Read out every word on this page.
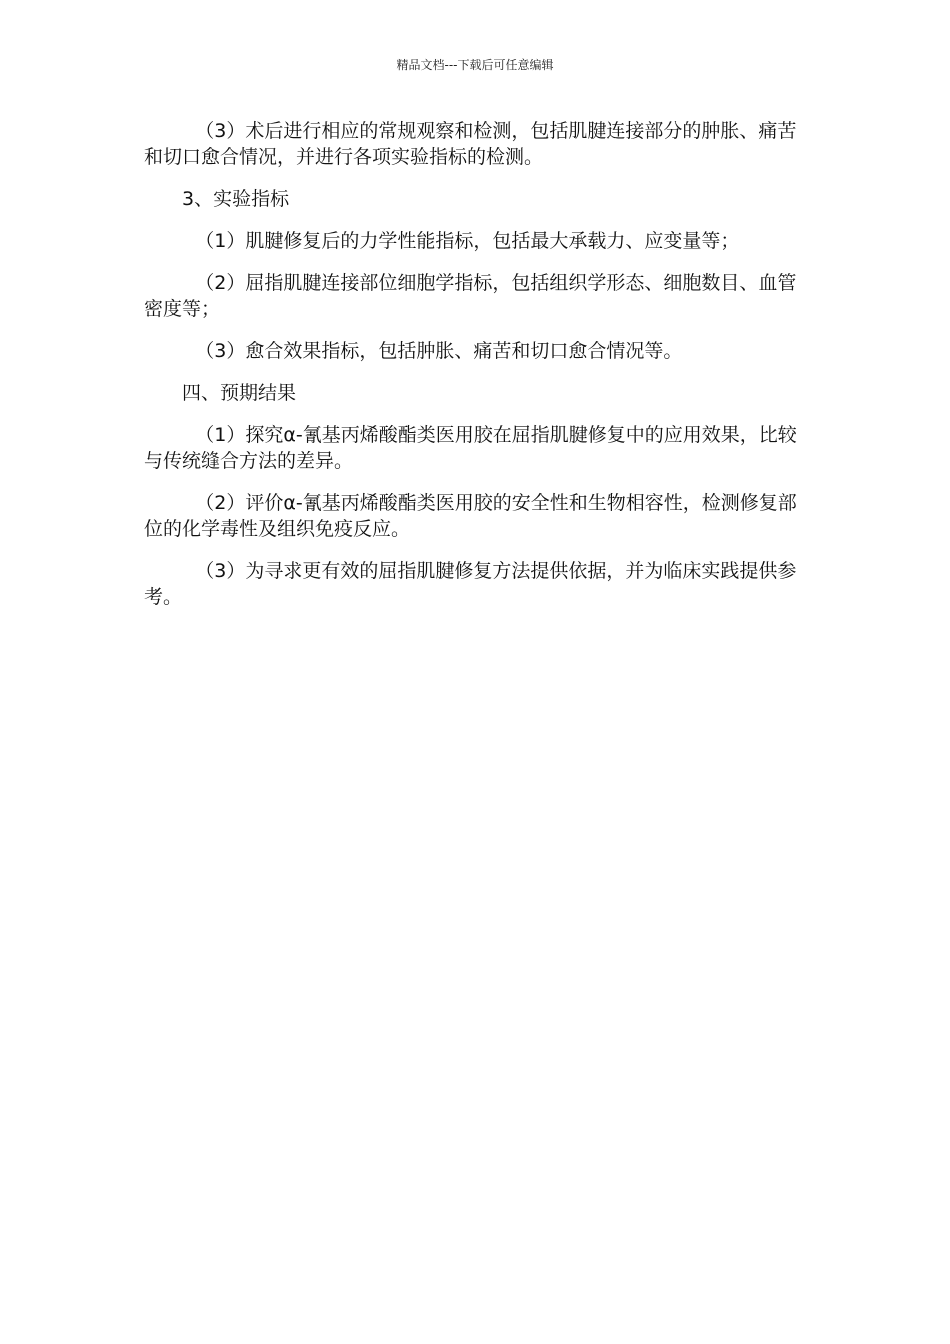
精品文档---下载后可任意编辑

（3）术后进行相应的常规观察和检测，包括肌腱连接部分的肿胀、痛苦和切口愈合情况，并进行各项实验指标的检测。

3、实验指标

（1）肌腱修复后的力学性能指标，包括最大承载力、应变量等；

（2）屈指肌腱连接部位细胞学指标，包括组织学形态、细胞数目、血管密度等；

（3）愈合效果指标，包括肿胀、痛苦和切口愈合情况等。

四、预期结果

（1）探究α-氰基丙烯酸酯类医用胶在屈指肌腱修复中的应用效果，比较与传统缝合方法的差异。

（2）评价α-氰基丙烯酸酯类医用胶的安全性和生物相容性，检测修复部位的化学毒性及组织免疫反应。

（3）为寻求更有效的屈指肌腱修复方法提供依据，并为临床实践提供参考。
